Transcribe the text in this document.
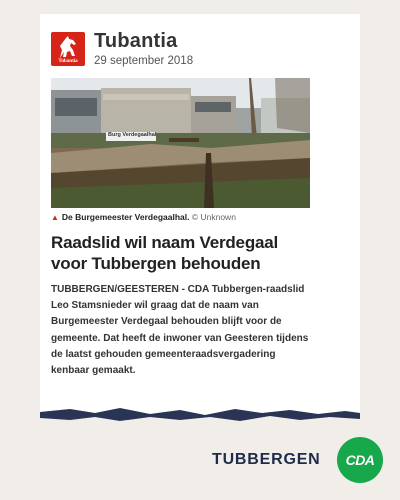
Tubantia
Tubantia
29 september 2018
Burg Verdegaalhal
▲ De Burgemeester Verdegaalhal. © Unknown
Raadslid wil naam Verdegaal voor Tubbergen behouden
TUBBERGEN/GEESTEREN - CDA Tubbergen-raadslid Leo Stamsnieder wil graag dat de naam van Burgemeester Verdegaal behouden blijft voor de gemeente. Dat heeft de inwoner van Geesteren tijdens de laatst gehouden gemeenteraadsvergadering kenbaar gemaakt.
TUBBERGEN CDA
